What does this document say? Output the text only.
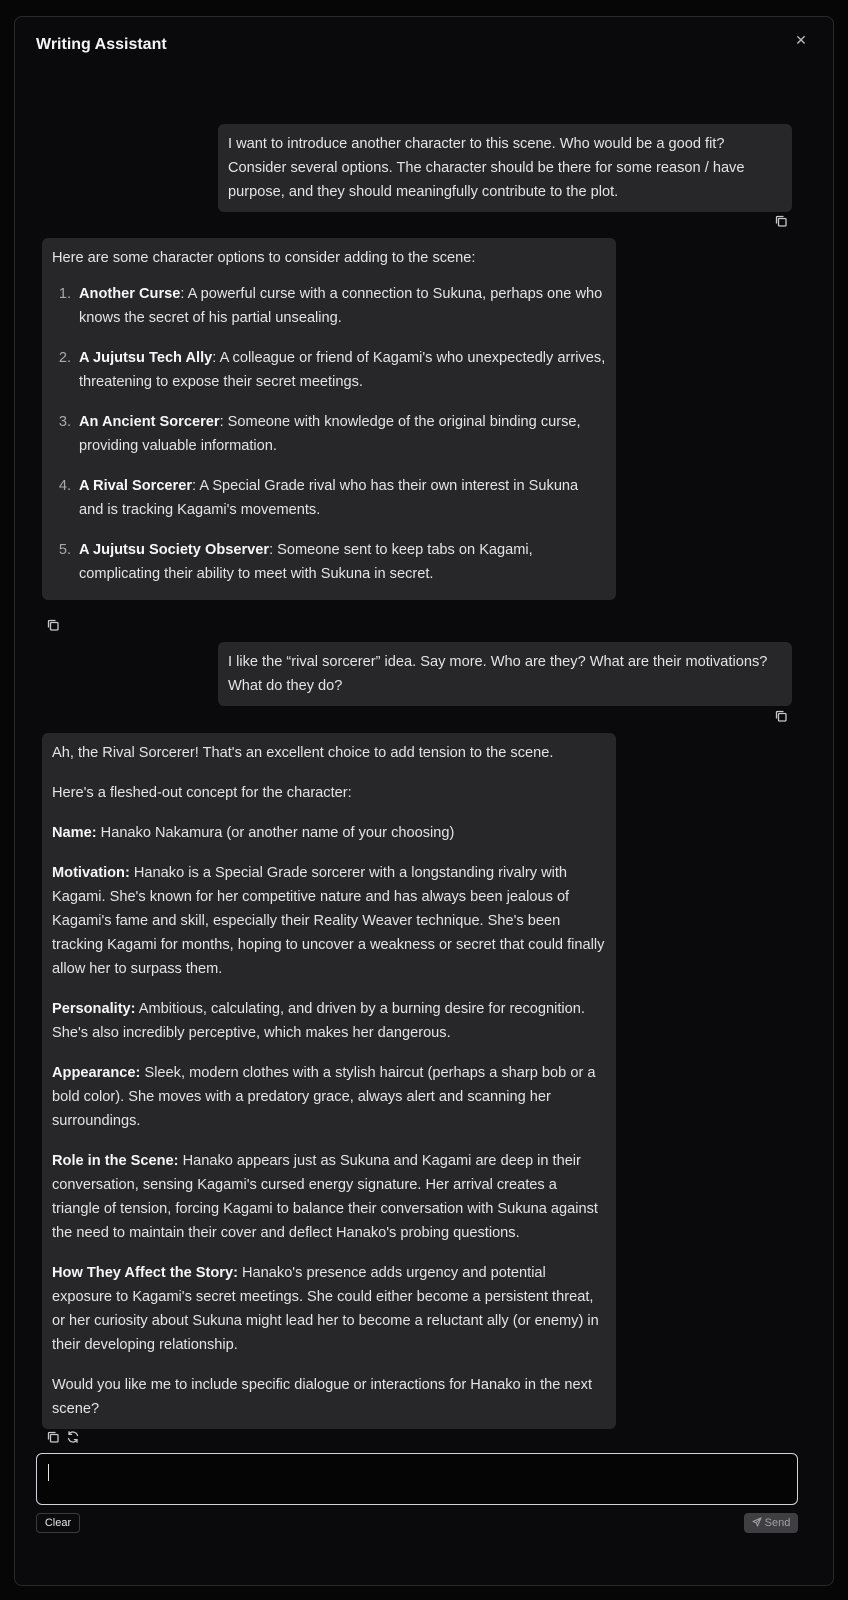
Writing Assistant	✕
I want to introduce another character to this scene. Who would be a good fit? Consider several options. The character should be there for some reason / have purpose, and they should meaningfully contribute to the plot.
Here are some character options to consider adding to the scene:
1. Another Curse: A powerful curse with a connection to Sukuna, perhaps one who knows the secret of his partial unsealing.
2. A Jujutsu Tech Ally: A colleague or friend of Kagami's who unexpectedly arrives, threatening to expose their secret meetings.
3. An Ancient Sorcerer: Someone with knowledge of the original binding curse, providing valuable information.
4. A Rival Sorcerer: A Special Grade rival who has their own interest in Sukuna and is tracking Kagami's movements.
5. A Jujutsu Society Observer: Someone sent to keep tabs on Kagami, complicating their ability to meet with Sukuna in secret.
I like the “rival sorcerer” idea. Say more. Who are they? What are their motivations? What do they do?
Ah, the Rival Sorcerer! That's an excellent choice to add tension to the scene.
Here's a fleshed-out concept for the character:
Name: Hanako Nakamura (or another name of your choosing)
Motivation: Hanako is a Special Grade sorcerer with a longstanding rivalry with Kagami. She's known for her competitive nature and has always been jealous of Kagami's fame and skill, especially their Reality Weaver technique. She's been tracking Kagami for months, hoping to uncover a weakness or secret that could finally allow her to surpass them.
Personality: Ambitious, calculating, and driven by a burning desire for recognition. She's also incredibly perceptive, which makes her dangerous.
Appearance: Sleek, modern clothes with a stylish haircut (perhaps a sharp bob or a bold color). She moves with a predatory grace, always alert and scanning her surroundings.
Role in the Scene: Hanako appears just as Sukuna and Kagami are deep in their conversation, sensing Kagami's cursed energy signature. Her arrival creates a triangle of tension, forcing Kagami to balance their conversation with Sukuna against the need to maintain their cover and deflect Hanako's probing questions.
How They Affect the Story: Hanako's presence adds urgency and potential exposure to Kagami's secret meetings. She could either become a persistent threat, or her curiosity about Sukuna might lead her to become a reluctant ally (or enemy) in their developing relationship.
Would you like me to include specific dialogue or interactions for Hanako in the next scene?
Clear	Send
